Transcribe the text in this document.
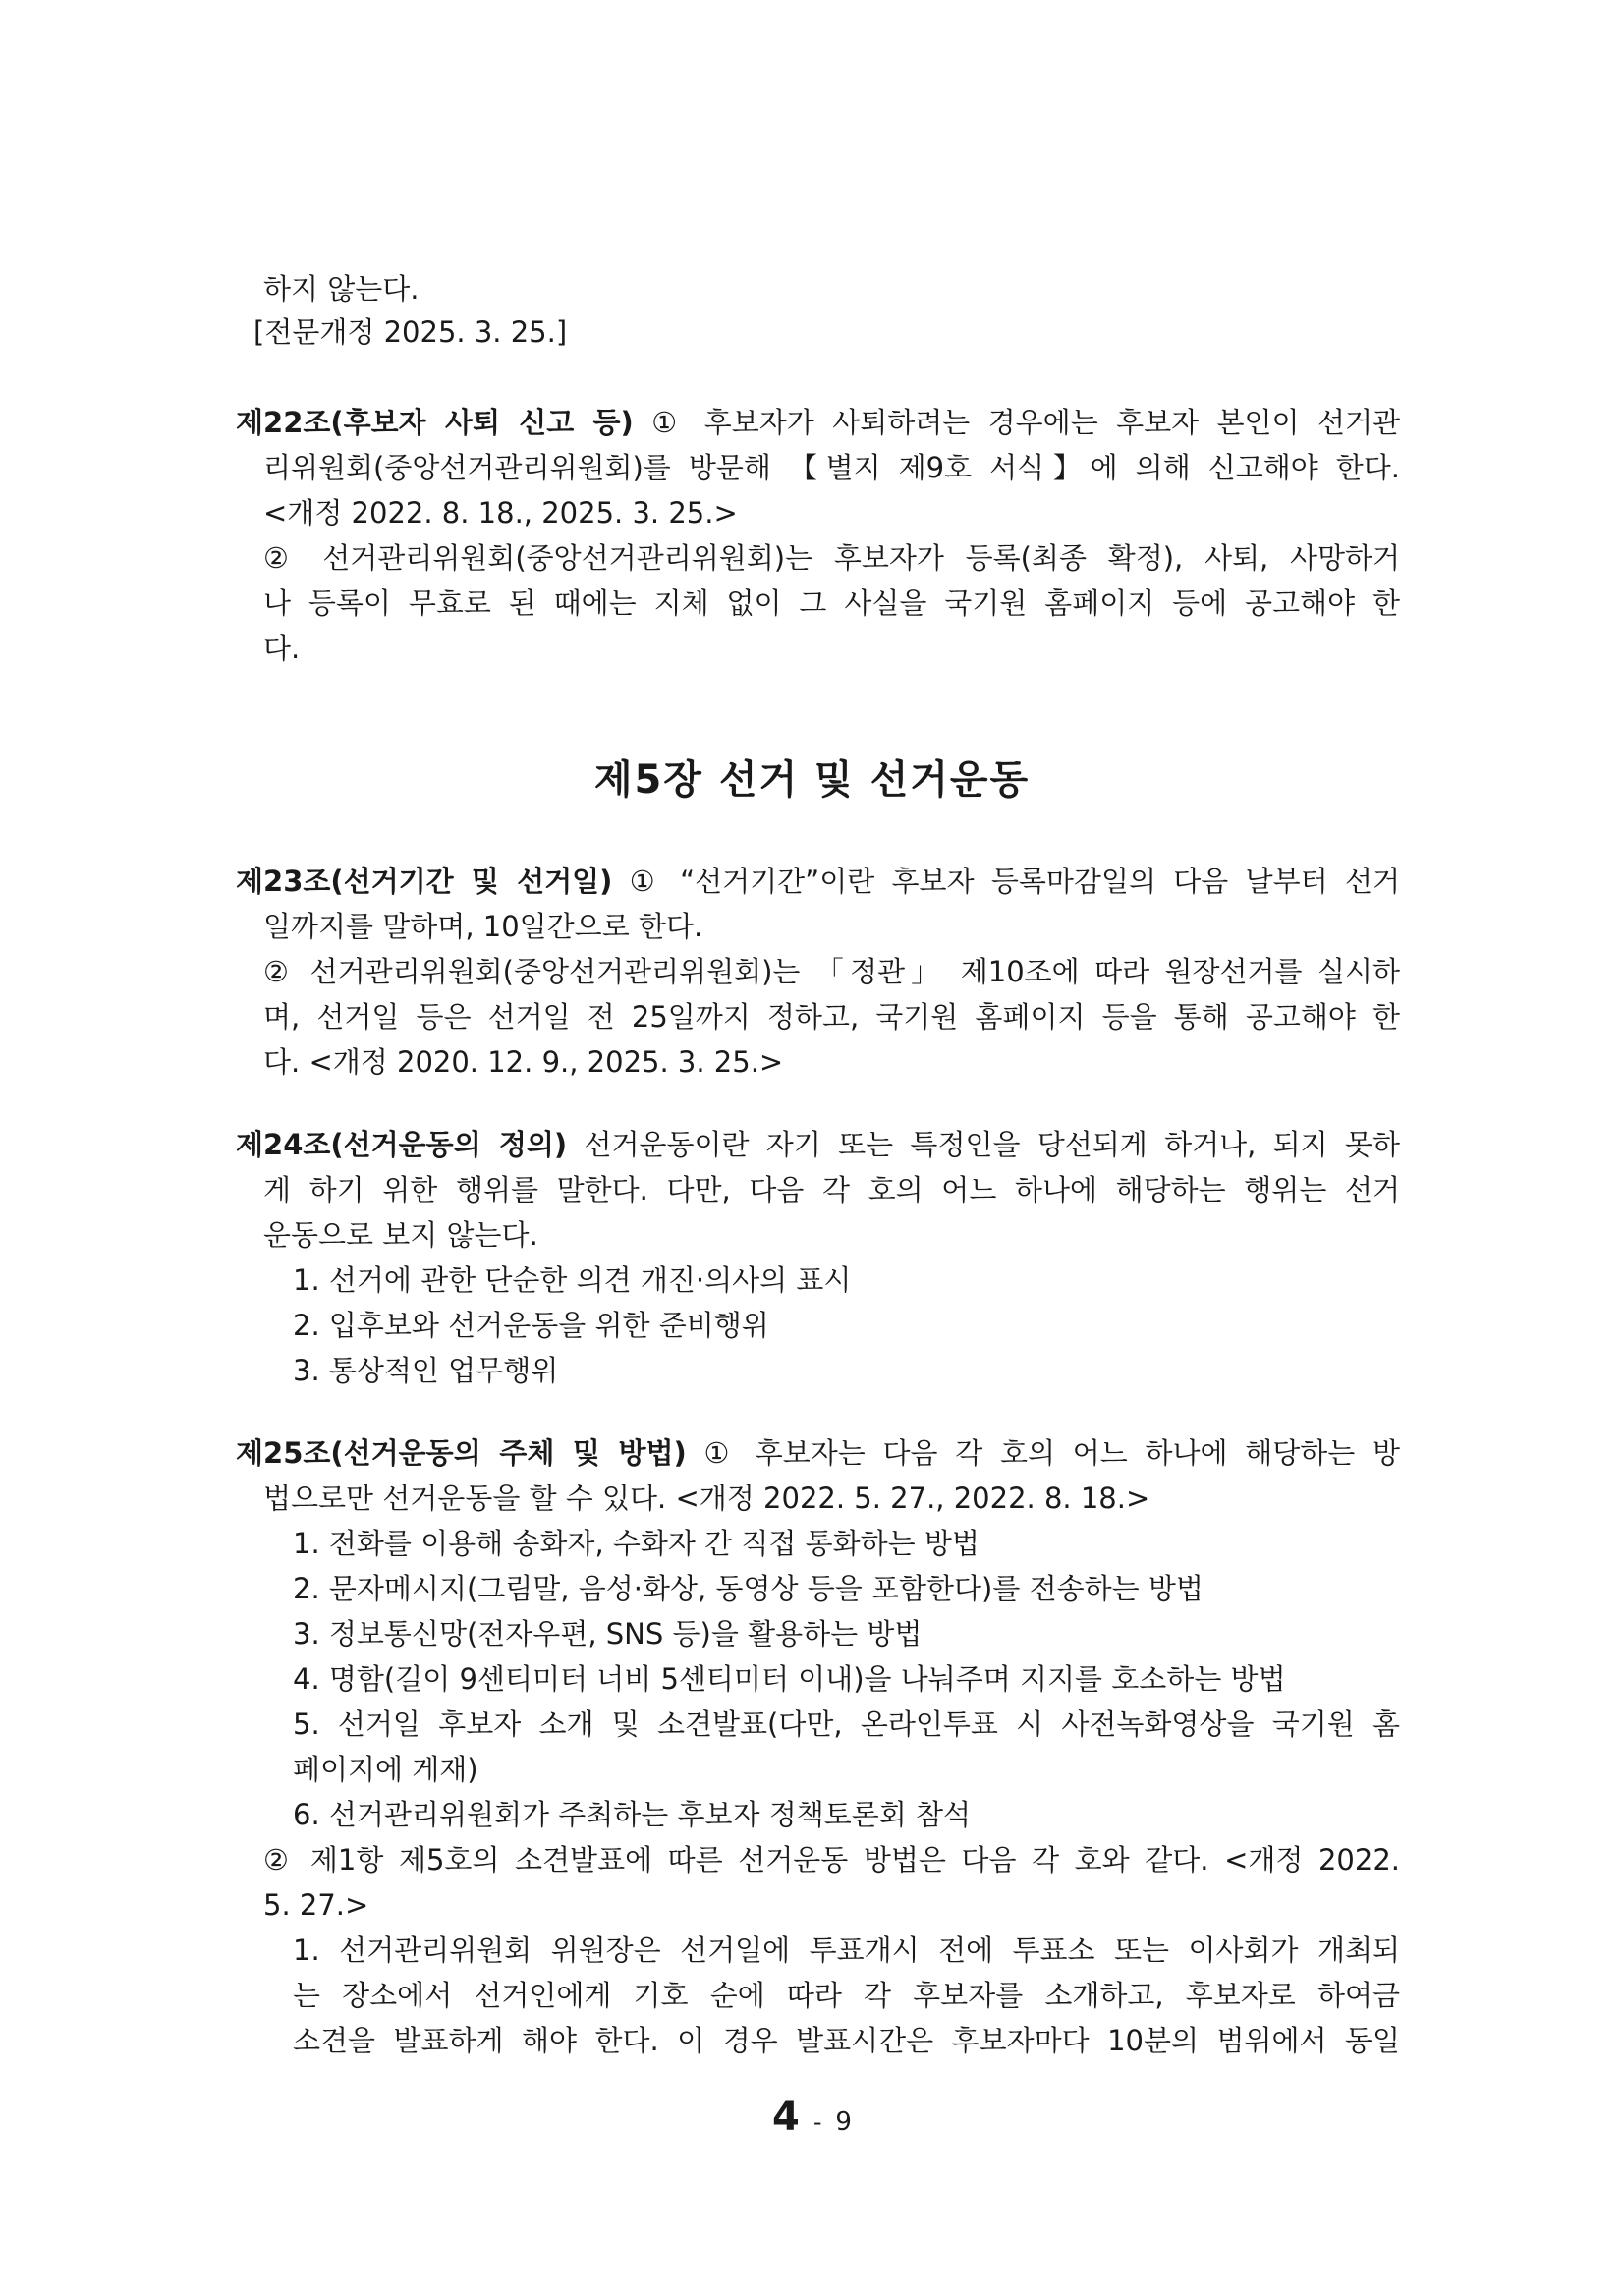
하지 않는다.
[전문개정 2025. 3. 25.]
제22조(후보자 사퇴 신고 등) ① 후보자가 사퇴하려는 경우에는 후보자 본인이 선거관
리위원회(중앙선거관리위원회)를 방문해 【별지 제9호 서식】에 의해 신고해야 한다.
<개정 2022. 8. 18., 2025. 3. 25.>
② 선거관리위원회(중앙선거관리위원회)는 후보자가 등록(최종 확정), 사퇴, 사망하거
나 등록이 무효로 된 때에는 지체 없이 그 사실을 국기원 홈페이지 등에 공고해야 한
다.
제5장 선거 및 선거운동
제23조(선거기간 및 선거일) ① “선거기간”이란 후보자 등록마감일의 다음 날부터 선거
일까지를 말하며, 10일간으로 한다.
② 선거관리위원회(중앙선거관리위원회)는 「정관」 제10조에 따라 원장선거를 실시하
며, 선거일 등은 선거일 전 25일까지 정하고, 국기원 홈페이지 등을 통해 공고해야 한
다. <개정 2020. 12. 9., 2025. 3. 25.>
제24조(선거운동의 정의) 선거운동이란 자기 또는 특정인을 당선되게 하거나, 되지 못하
게 하기 위한 행위를 말한다. 다만, 다음 각 호의 어느 하나에 해당하는 행위는 선거
운동으로 보지 않는다.
1. 선거에 관한 단순한 의견 개진·의사의 표시
2. 입후보와 선거운동을 위한 준비행위
3. 통상적인 업무행위
제25조(선거운동의 주체 및 방법) ① 후보자는 다음 각 호의 어느 하나에 해당하는 방
법으로만 선거운동을 할 수 있다. <개정 2022. 5. 27., 2022. 8. 18.>
1. 전화를 이용해 송화자, 수화자 간 직접 통화하는 방법
2. 문자메시지(그림말, 음성·화상, 동영상 등을 포함한다)를 전송하는 방법
3. 정보통신망(전자우편, SNS 등)을 활용하는 방법
4. 명함(길이 9센티미터 너비 5센티미터 이내)을 나눠주며 지지를 호소하는 방법
5. 선거일 후보자 소개 및 소견발표(다만, 온라인투표 시 사전녹화영상을 국기원 홈
페이지에 게재)
6. 선거관리위원회가 주최하는 후보자 정책토론회 참석
② 제1항 제5호의 소견발표에 따른 선거운동 방법은 다음 각 호와 같다. <개정 2022.
5. 27.>
1. 선거관리위원회 위원장은 선거일에 투표개시 전에 투표소 또는 이사회가 개최되
는 장소에서 선거인에게 기호 순에 따라 각 후보자를 소개하고, 후보자로 하여금
소견을 발표하게 해야 한다. 이 경우 발표시간은 후보자마다 10분의 범위에서 동일
4 - 9
